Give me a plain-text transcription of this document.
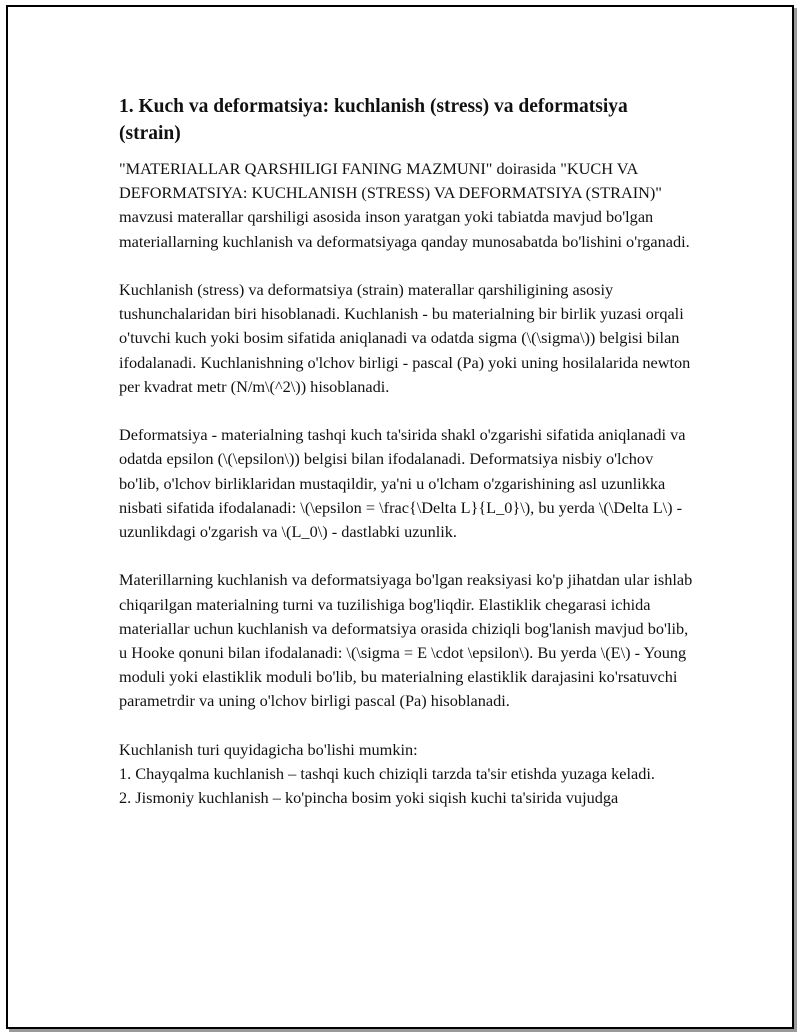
1. Kuch va deformatsiya: kuchlanish (stress) va deformatsiya (strain)

"MATERIALLAR QARSHILIGI FANING MAZMUNI" doirasida "KUCH VA DEFORMATSIYA: KUCHLANISH (STRESS) VA DEFORMATSIYA (STRAIN)" mavzusi materallar qarshiligi asosida inson yaratgan yoki tabiatda mavjud bo'lgan materiallarning kuchlanish va deformatsiyaga qanday munosabatda bo'lishini o'rganadi.

Kuchlanish (stress) va deformatsiya (strain) materallar qarshiligining asosiy tushunchalaridan biri hisoblanadi. Kuchlanish - bu materialning bir birlik yuzasi orqali o'tuvchi kuch yoki bosim sifatida aniqlanadi va odatda sigma (\(\sigma\)) belgisi bilan ifodalanadi. Kuchlanishning o'lchov birligi - pascal (Pa) yoki uning hosilalarida newton per kvadrat metr (N/m\(^2\)) hisoblanadi.

Deformatsiya - materialning tashqi kuch ta'sirida shakl o'zgarishi sifatida aniqlanadi va odatda epsilon (\(\epsilon\)) belgisi bilan ifodalanadi. Deformatsiya nisbiy o'lchov bo'lib, o'lchov birliklaridan mustaqildir, ya'ni u o'lcham o'zgarishining asl uzunlikka nisbati sifatida ifodalanadi: \(\epsilon = \frac{\Delta L}{L_0}\), bu yerda \(\Delta L\) - uzunlikdagi o'zgarish va \(L_0\) - dastlabki uzunlik.

Materillarning kuchlanish va deformatsiyaga bo'lgan reaksiyasi ko'p jihatdan ular ishlab chiqarilgan materialning turni va tuzilishiga bog'liqdir. Elastiklik chegarasi ichida materiallar uchun kuchlanish va deformatsiya orasida chiziqli bog'lanish mavjud bo'lib, u Hooke qonuni bilan ifodalanadi: \(\sigma = E \cdot \epsilon\). Bu yerda \(E\) - Young moduli yoki elastiklik moduli bo'lib, bu materialning elastiklik darajasini ko'rsatuvchi parametrdir va uning o'lchov birligi pascal (Pa) hisoblanadi.

Kuchlanish turi quyidagicha bo'lishi mumkin:

1. Chayqalma kuchlanish – tashqi kuch chiziqli tarzda ta'sir etishda yuzaga keladi.
2. Jismoniy kuchlanish – ko'pincha bosim yoki siqish kuchi ta'sirida vujudga
